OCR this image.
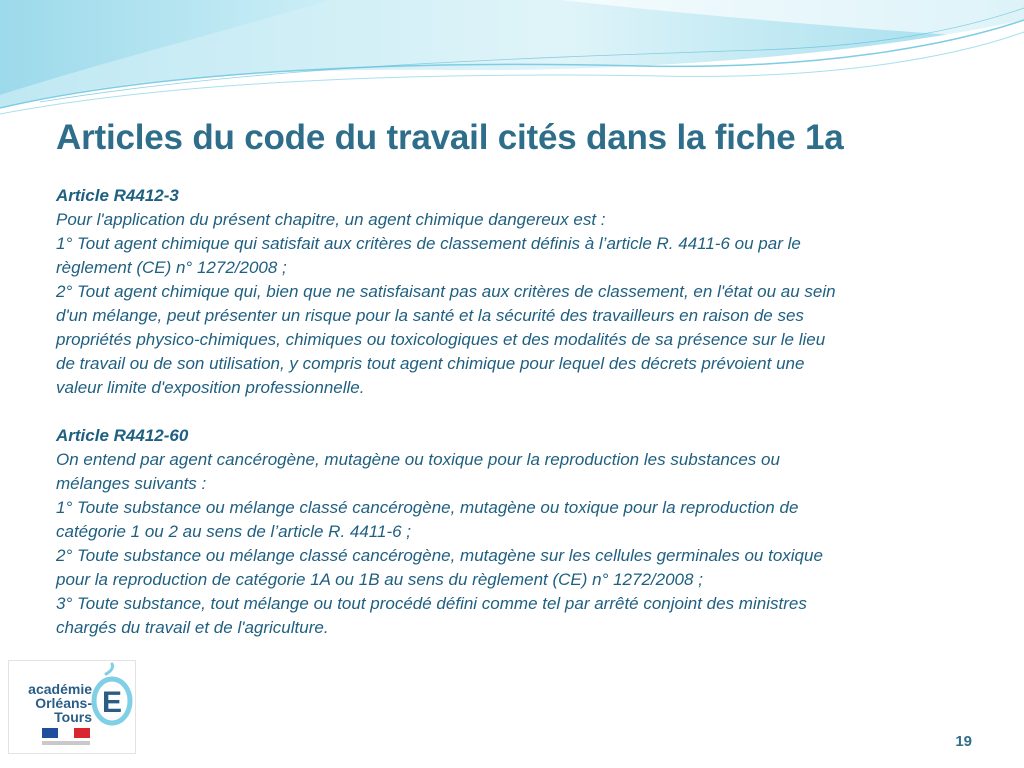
Articles du code du travail cités dans la fiche 1a
Article R4412-3
Pour l'application du présent chapitre, un agent chimique dangereux est :
1° Tout agent chimique qui satisfait aux critères de classement définis à l’article R. 4411-6 ou par le
règlement (CE) n° 1272/2008 ;
2° Tout agent chimique qui, bien que ne satisfaisant pas aux critères de classement, en l'état ou au sein
d'un mélange, peut présenter un risque pour la santé et la sécurité des travailleurs en raison de ses
propriétés physico-chimiques, chimiques ou toxicologiques et des modalités de sa présence sur le lieu
de travail ou de son utilisation, y compris tout agent chimique pour lequel des décrets prévoient une
valeur limite d'exposition professionnelle.
Article R4412-60
On entend par agent cancérogène, mutagène ou toxique pour la reproduction les substances ou
mélanges suivants :
1° Toute substance ou mélange classé cancérogène, mutagène ou toxique pour la reproduction de
catégorie 1 ou 2 au sens de l’article R. 4411-6 ;
2° Toute substance ou mélange classé cancérogène, mutagène sur les cellules germinales ou toxique
pour la reproduction de catégorie 1A ou 1B au sens du règlement (CE) n° 1272/2008 ;
3° Toute substance, tout mélange ou tout procédé défini comme tel par arrêté conjoint des ministres
chargés du travail et de l'agriculture.
académie
Orléans-Tours E
19
